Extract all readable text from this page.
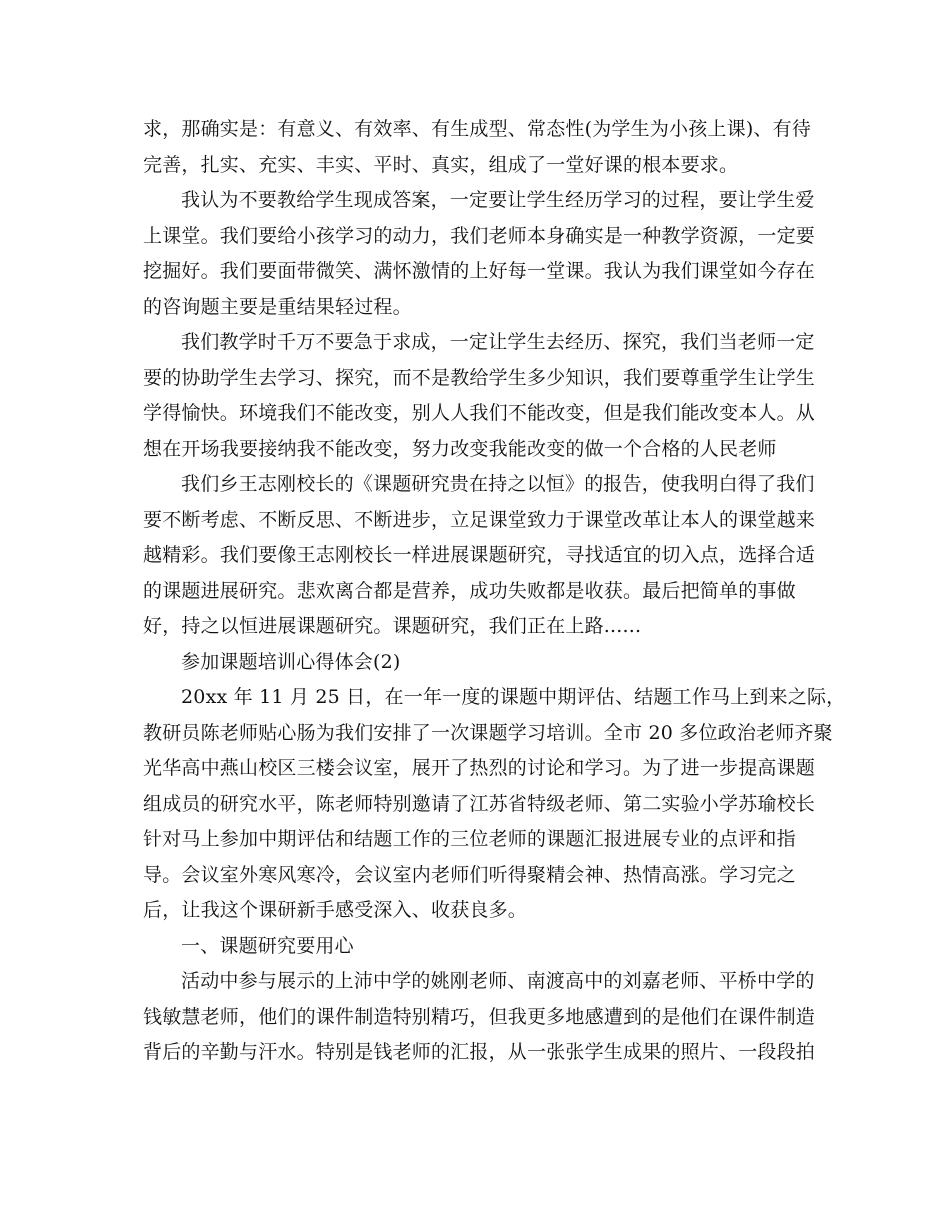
求，那确实是：有意义、有效率、有生成型、常态性(为学生为小孩上课)、有待
完善，扎实、充实、丰实、平时、真实，组成了一堂好课的根本要求。

我认为不要教给学生现成答案，一定要让学生经历学习的过程，要让学生爱
上课堂。我们要给小孩学习的动力，我们老师本身确实是一种教学资源，一定要
挖掘好。我们要面带微笑、满怀激情的上好每一堂课。我认为我们课堂如今存在
的咨询题主要是重结果轻过程。

我们教学时千万不要急于求成，一定让学生去经历、探究，我们当老师一定
要的协助学生去学习、探究，而不是教给学生多少知识，我们要尊重学生让学生
学得愉快。环境我们不能改变，别人人我们不能改变，但是我们能改变本人。从
想在开场我要接纳我不能改变，努力改变我能改变的做一个合格的人民老师

我们乡王志刚校长的《课题研究贵在持之以恒》的报告，使我明白得了我们
要不断考虑、不断反思、不断进步，立足课堂致力于课堂改革让本人的课堂越来
越精彩。我们要像王志刚校长一样进展课题研究，寻找适宜的切入点，选择合适
的课题进展研究。悲欢离合都是营养，成功失败都是收获。最后把简单的事做
好，持之以恒进展课题研究。课题研究，我们正在上路......

参加课题培训心得体会(2)

20xx 年 11 月 25 日，在一年一度的课题中期评估、结题工作马上到来之际，
教研员陈老师贴心肠为我们安排了一次课题学习培训。全市 20 多位政治老师齐聚
光华高中燕山校区三楼会议室，展开了热烈的讨论和学习。为了进一步提高课题
组成员的研究水平，陈老师特别邀请了江苏省特级老师、第二实验小学苏瑜校长
针对马上参加中期评估和结题工作的三位老师的课题汇报进展专业的点评和指
导。会议室外寒风寒冷，会议室内老师们听得聚精会神、热情高涨。学习完之
后，让我这个课研新手感受深入、收获良多。

一、课题研究要用心

活动中参与展示的上沛中学的姚刚老师、南渡高中的刘嘉老师、平桥中学的
钱敏慧老师，他们的课件制造特别精巧，但我更多地感遭到的是他们在课件制造
背后的辛勤与汗水。特别是钱老师的汇报，从一张张学生成果的照片、一段段拍
